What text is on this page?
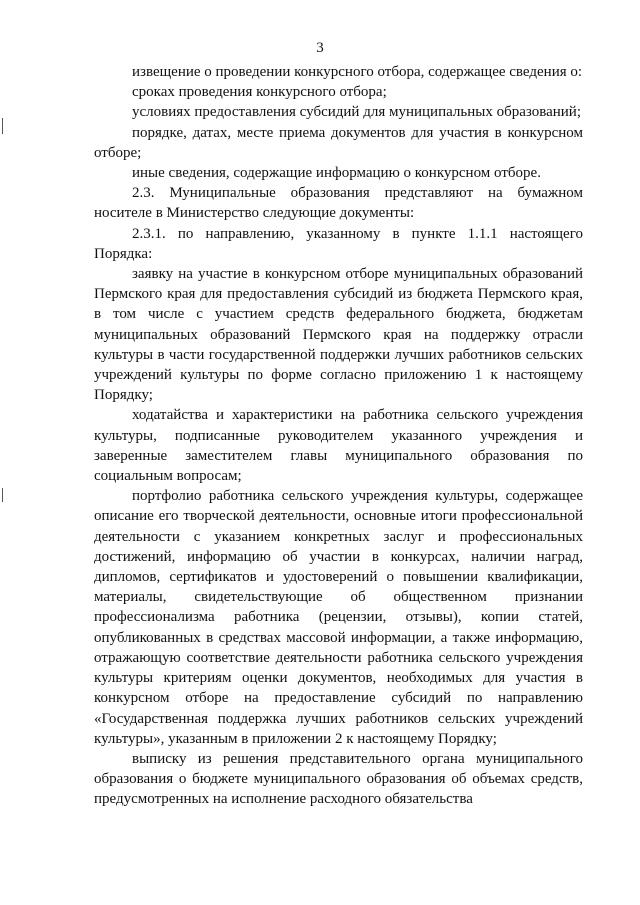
3

извещение о проведении конкурсного отбора, содержащее сведения о:

сроках проведения конкурсного отбора;

условиях предоставления субсидий для муниципальных образований;

порядке, датах, месте приема документов для участия в конкурсном отборе;

иные сведения, содержащие информацию о конкурсном отборе.

2.3. Муниципальные образования представляют на бумажном носителе в Министерство следующие документы:

2.3.1. по направлению, указанному в пункте 1.1.1 настоящего Порядка:

заявку на участие в конкурсном отборе муниципальных образований Пермского края для предоставления субсидий из бюджета Пермского края, в том числе с участием средств федерального бюджета, бюджетам муниципальных образований Пермского края на поддержку отрасли культуры в части государственной поддержки лучших работников сельских учреждений культуры по форме согласно приложению 1 к настоящему Порядку;

ходатайства и характеристики на работника сельского учреждения культуры, подписанные руководителем указанного учреждения и заверенные заместителем главы муниципального образования по социальным вопросам;

портфолио работника сельского учреждения культуры, содержащее описание его творческой деятельности, основные итоги профессиональной деятельности с указанием конкретных заслуг и профессиональных достижений, информацию об участии в конкурсах, наличии наград, дипломов, сертификатов и удостоверений о повышении квалификации, материалы, свидетельствующие об общественном признании профессионализма работника (рецензии, отзывы), копии статей, опубликованных в средствах массовой информации, а также информацию, отражающую соответствие деятельности работника сельского учреждения культуры критериям оценки документов, необходимых для участия в конкурсном отборе на предоставление субсидий по направлению «Государственная поддержка лучших работников сельских учреждений культуры», указанным в приложении 2 к настоящему Порядку;

выписку из решения представительного органа муниципального образования о бюджете муниципального образования об объемах средств, предусмотренных на исполнение расходного обязательства
